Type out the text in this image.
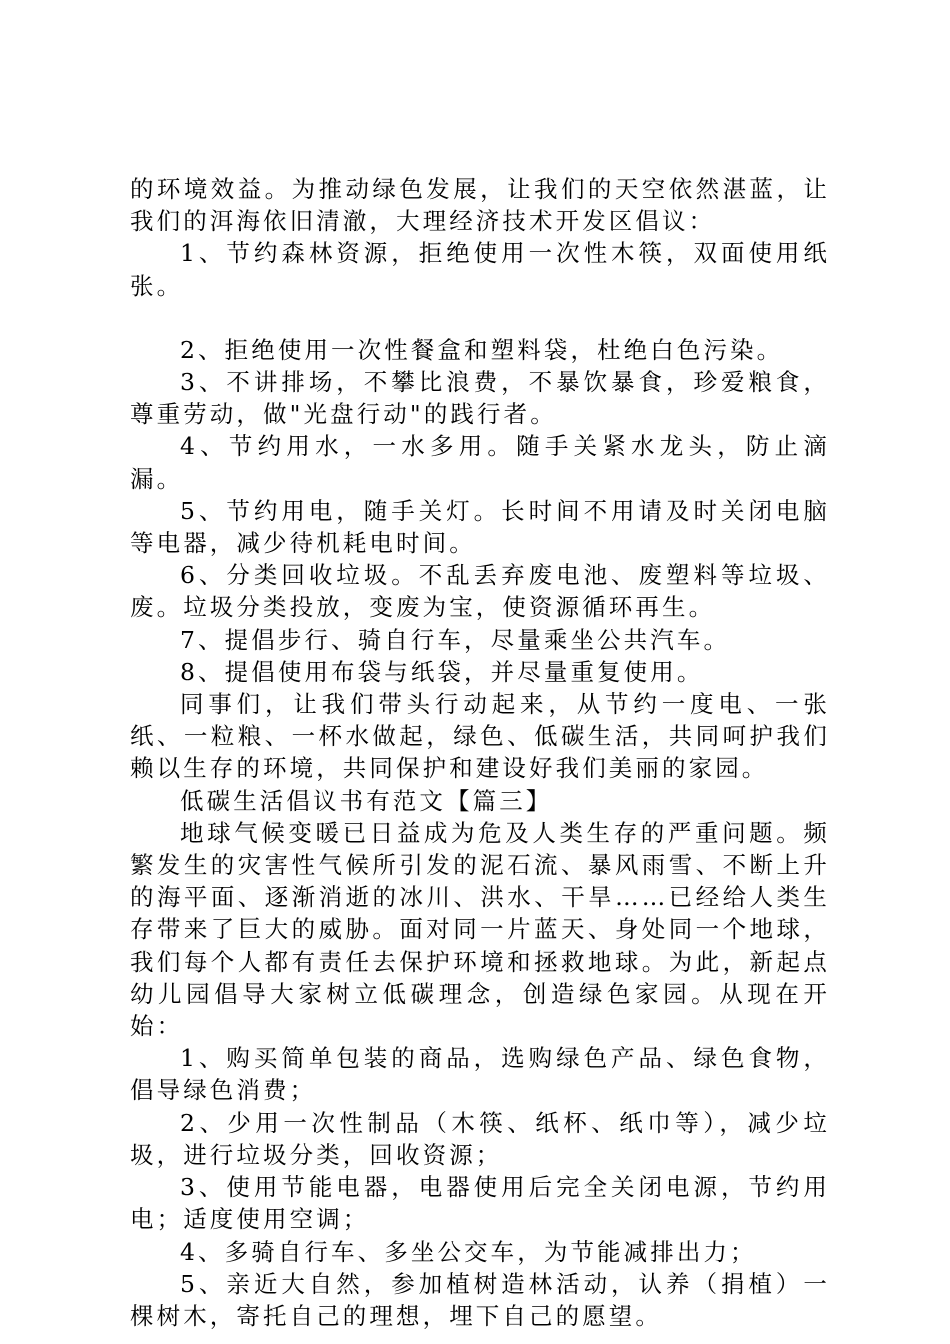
的环境效益。为推动绿色发展，让我们的天空依然湛蓝，让我们的洱海依旧清澈，大理经济技术开发区倡议：

1、节约森林资源，拒绝使用一次性木筷，双面使用纸张。

2、拒绝使用一次性餐盒和塑料袋，杜绝白色污染。

3、不讲排场，不攀比浪费，不暴饮暴食，珍爱粮食，尊重劳动，做"光盘行动"的践行者。

4、节约用水，一水多用。随手关紧水龙头，防止滴漏。

5、节约用电，随手关灯。长时间不用请及时关闭电脑等电器，减少待机耗电时间。

6、分类回收垃圾。不乱丢弃废电池、废塑料等垃圾、废。垃圾分类投放，变废为宝，使资源循环再生。

7、提倡步行、骑自行车，尽量乘坐公共汽车。

8、提倡使用布袋与纸袋，并尽量重复使用。

同事们，让我们带头行动起来，从节约一度电、一张纸、一粒粮、一杯水做起，绿色、低碳生活，共同呵护我们赖以生存的环境，共同保护和建设好我们美丽的家园。

低碳生活倡议书有范文【篇三】

地球气候变暖已日益成为危及人类生存的严重问题。频繁发生的灾害性气候所引发的泥石流、暴风雨雪、不断上升的海平面、逐渐消逝的冰川、洪水、干旱……已经给人类生存带来了巨大的威胁。面对同一片蓝天、身处同一个地球，我们每个人都有责任去保护环境和拯救地球。为此，新起点幼儿园倡导大家树立低碳理念，创造绿色家园。从现在开始：

1、购买简单包装的商品，选购绿色产品、绿色食物，倡导绿色消费；

2、少用一次性制品（木筷、纸杯、纸巾等），减少垃圾，进行垃圾分类，回收资源；

3、使用节能电器，电器使用后完全关闭电源，节约用电；适度使用空调；

4、多骑自行车、多坐公交车，为节能减排出力；

5、亲近大自然，参加植树造林活动，认养（捐植）一棵树木，寄托自己的理想，埋下自己的愿望。
